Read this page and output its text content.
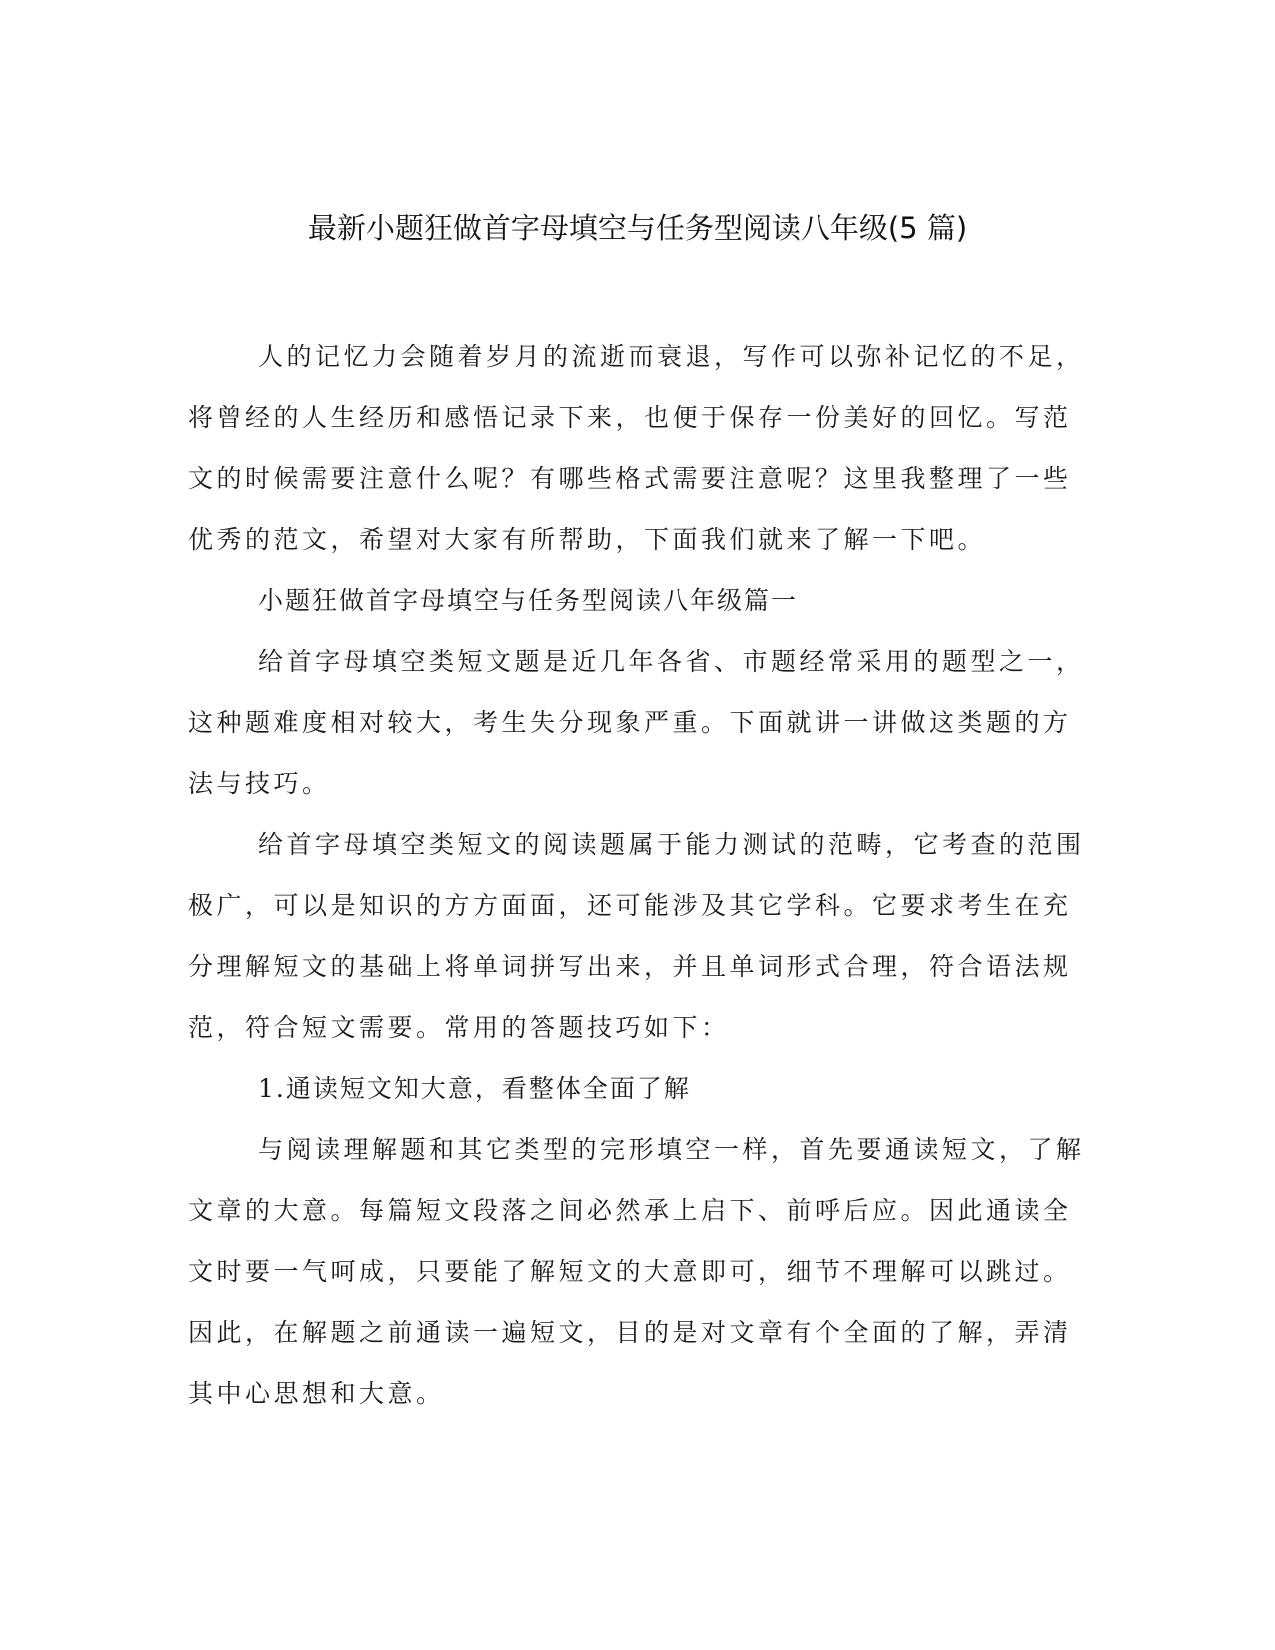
最新小题狂做首字母填空与任务型阅读八年级(5 篇)

人的记忆力会随着岁月的流逝而衰退，写作可以弥补记忆的不足，将曾经的人生经历和感悟记录下来，也便于保存一份美好的回忆。写范文的时候需要注意什么呢？有哪些格式需要注意呢？这里我整理了一些优秀的范文，希望对大家有所帮助，下面我们就来了解一下吧。

小题狂做首字母填空与任务型阅读八年级篇一

给首字母填空类短文题是近几年各省、市题经常采用的题型之一，这种题难度相对较大，考生失分现象严重。下面就讲一讲做这类题的方法与技巧。

给首字母填空类短文的阅读题属于能力测试的范畴，它考查的范围极广，可以是知识的方方面面，还可能涉及其它学科。它要求考生在充分理解短文的基础上将单词拼写出来，并且单词形式合理，符合语法规范，符合短文需要。常用的答题技巧如下：

1.通读短文知大意，看整体全面了解

与阅读理解题和其它类型的完形填空一样，首先要通读短文，了解文章的大意。每篇短文段落之间必然承上启下、前呼后应。因此通读全文时要一气呵成，只要能了解短文的大意即可，细节不理解可以跳过。因此，在解题之前通读一遍短文，目的是对文章有个全面的了解，弄清其中心思想和大意。
